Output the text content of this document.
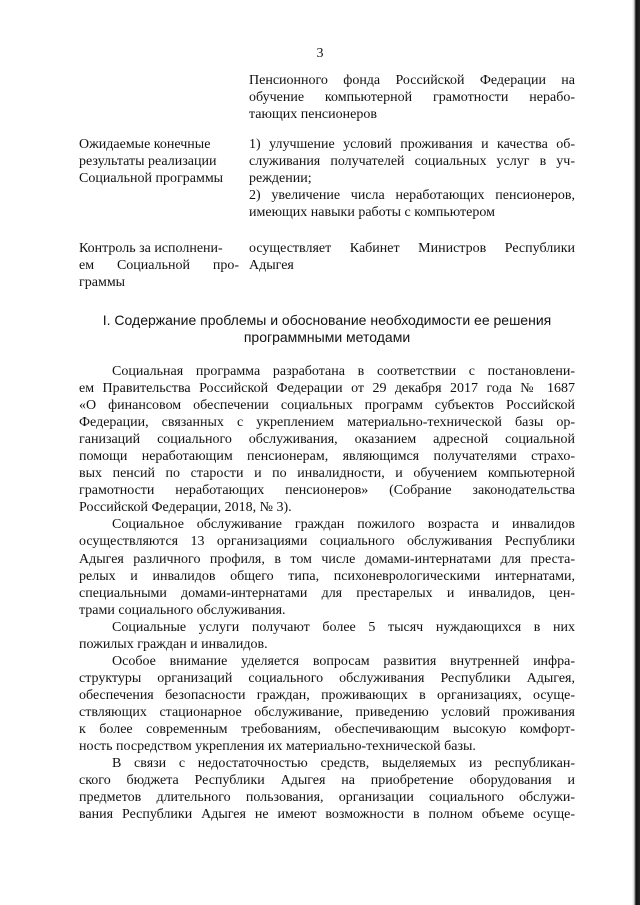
3
Пенсионного фонда Российской Федерации на
обучение компьютерной грамотности нерабо-
тающих пенсионеров
Ожидаемые конечные
результаты реализации
Социальной программы
1) улучшение условий проживания и качества об-
служивания получателей социальных услуг в уч-
реждении;
2) увеличение числа неработающих пенсионеров,
имеющих навыки работы с компьютером
Контроль за исполнени-
ем Социальной про-
граммы
осуществляет Кабинет Министров Республики
Адыгея
I. Содержание проблемы и обоснование необходимости ее решения
программными методами
Социальная программа разработана в соответствии с постановлени-
ем Правительства Российской Федерации от 29 декабря 2017 года № 1687
«О финансовом обеспечении социальных программ субъектов Российской
Федерации, связанных с укреплением материально-технической базы ор-
ганизаций социального обслуживания, оказанием адресной социальной
помощи неработающим пенсионерам, являющимся получателями страхо-
вых пенсий по старости и по инвалидности, и обучением компьютерной
грамотности неработающих пенсионеров» (Собрание законодательства
Российской Федерации, 2018, № 3).
Социальное обслуживание граждан пожилого возраста и инвалидов
осуществляются 13 организациями социального обслуживания Республики
Адыгея различного профиля, в том числе домами-интернатами для преста-
релых и инвалидов общего типа, психоневрологическими интернатами,
специальными домами-интернатами для престарелых и инвалидов, цен-
трами социального обслуживания.
Социальные услуги получают более 5 тысяч нуждающихся в них
пожилых граждан и инвалидов.
Особое внимание уделяется вопросам развития внутренней инфра-
структуры организаций социального обслуживания Республики Адыгея,
обеспечения безопасности граждан, проживающих в организациях, осуще-
ствляющих стационарное обслуживание, приведению условий проживания
к более современным требованиям, обеспечивающим высокую комфорт-
ность посредством укрепления их материально-технической базы.
В связи с недостаточностью средств, выделяемых из республикан-
ского бюджета Республики Адыгея на приобретение оборудования и
предметов длительного пользования, организации социального обслужи-
вания Республики Адыгея не имеют возможности в полном объеме осуще-
